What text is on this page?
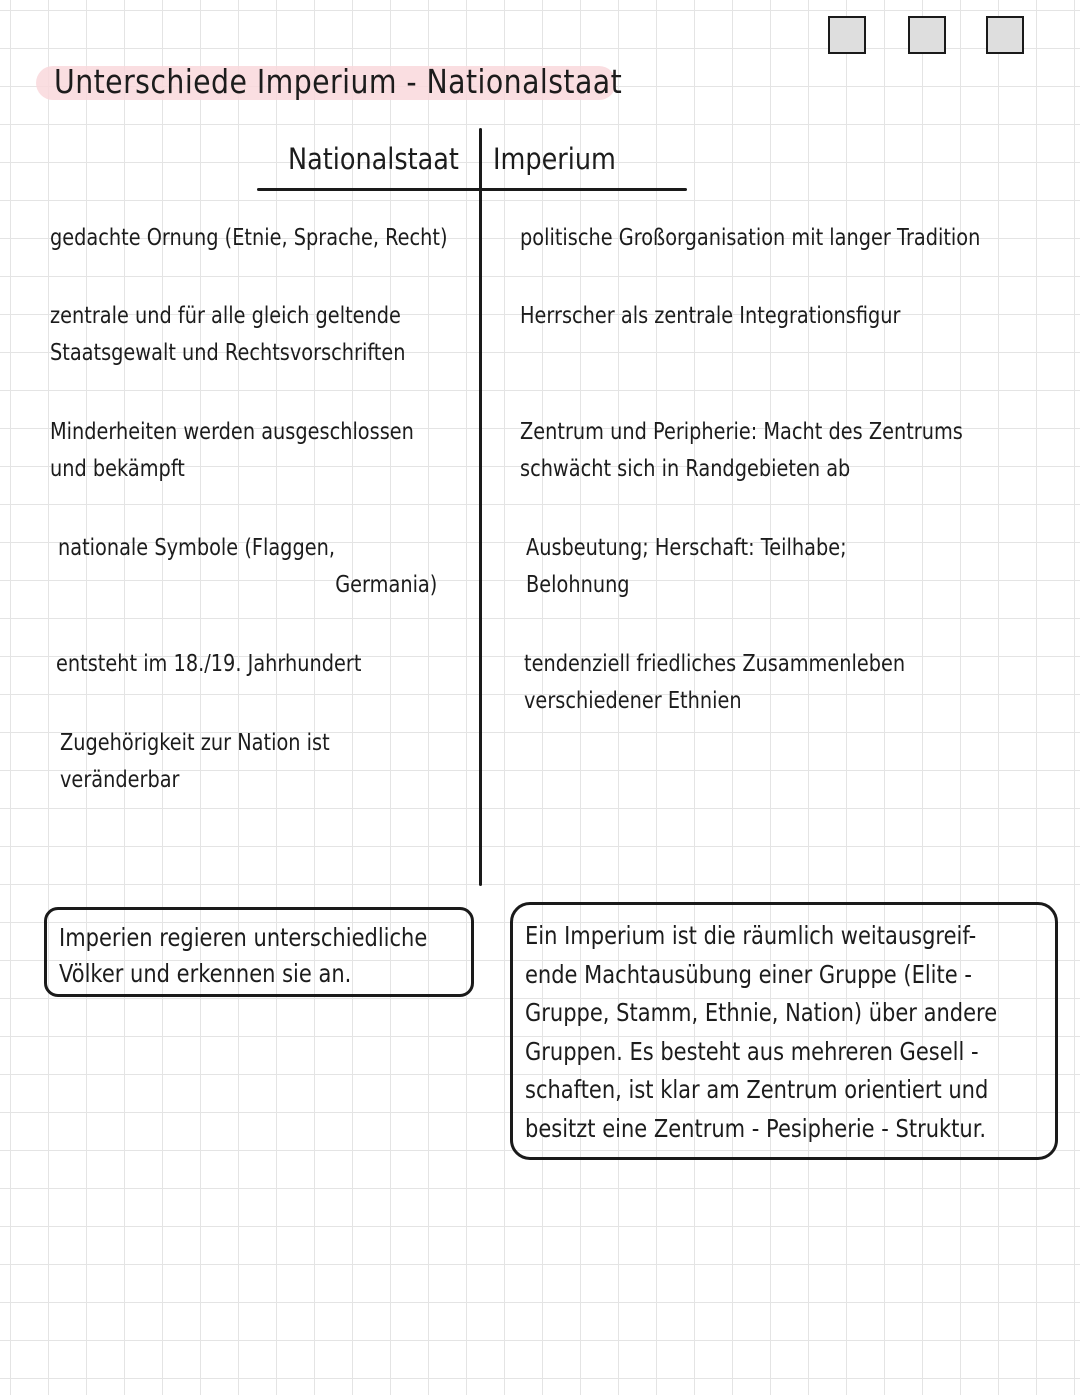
Unterschiede Imperium - Nationalstaat
Nationalstaat Imperium
gedachte Ornung (Etnie, Sprache, Recht)
zentrale und für alle gleich geltende
Staatsgewalt und Rechtsvorschriften
Minderheiten werden ausgeschlossen
und bekämpft
nationale Symbole (Flaggen,
Germania)
entsteht im 18./19. Jahrhundert
Zugehörigkeit zur Nation ist
veränderbar
politische Großorganisation mit langer Tradition
Herrscher als zentrale Integrationsfigur
Zentrum und Peripherie: Macht des Zentrums
schwächt sich in Randgebieten ab
Ausbeutung; Herschaft: Teilhabe;
Belohnung
tendenziell friedliches Zusammenleben
verschiedener Ethnien
Imperien regieren unterschiedliche
Völker und erkennen sie an.
Ein Imperium ist die räumlich weitausgreif-
ende Machtausübung einer Gruppe (Elite -
Gruppe, Stamm, Ethnie, Nation) über andere
Gruppen. Es besteht aus mehreren Gesell -
schaften, ist klar am Zentrum orientiert und
besitzt eine Zentrum - Pesipherie - Struktur.
